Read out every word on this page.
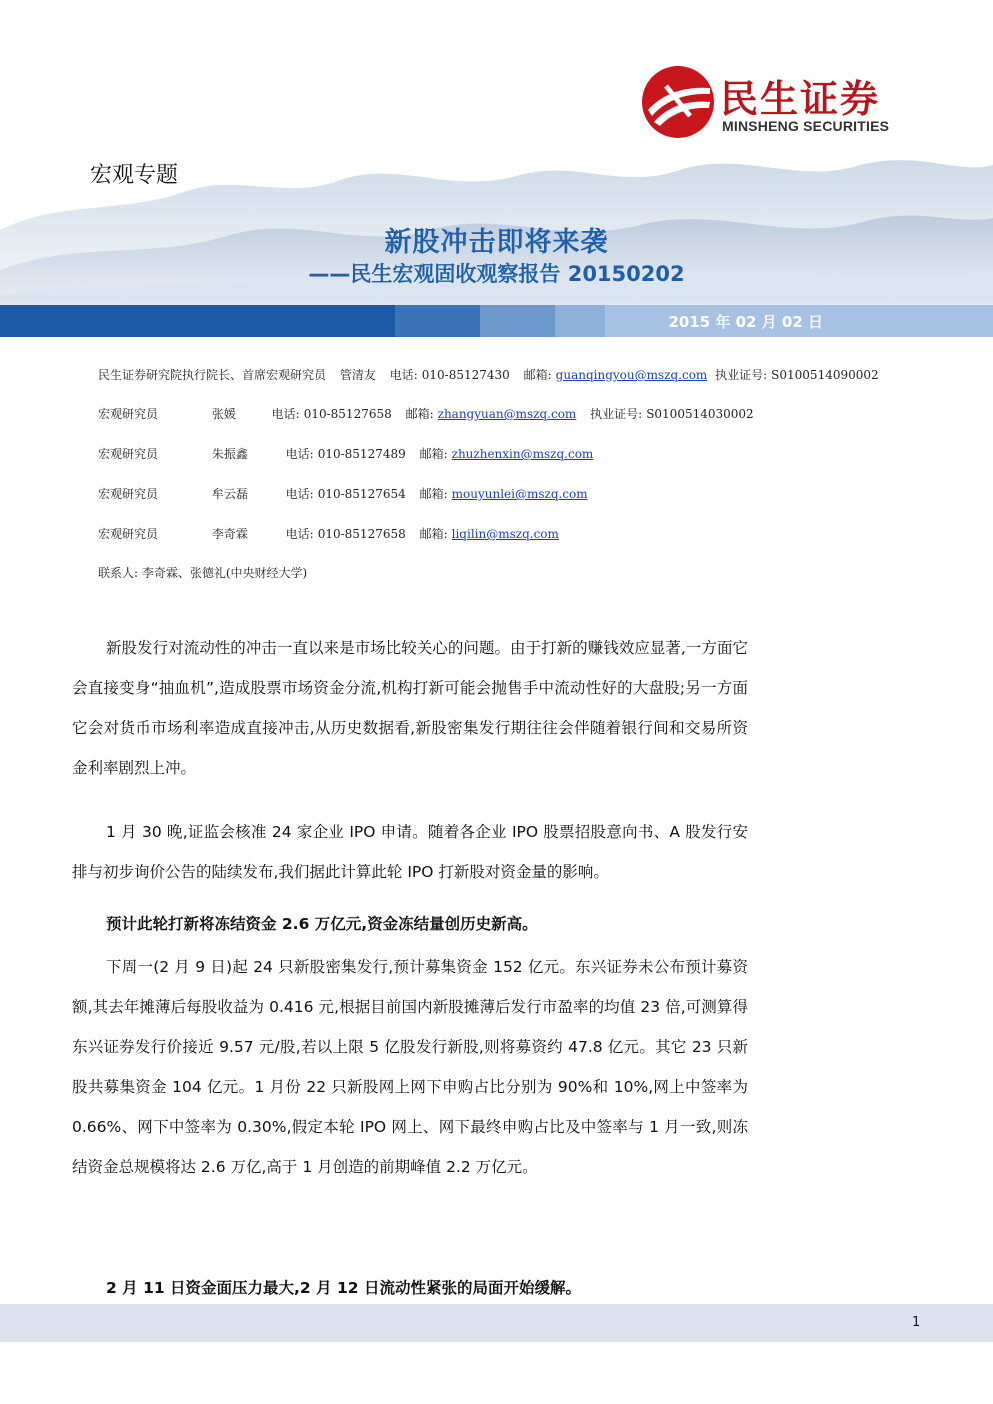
民生证券
MINSHENG SECURITIES
宏观专题
新股冲击即将来袭
——民生宏观固收观察报告 20150202
2015 年 02 月 02 日
民生证券研究院执行院长、首席宏观研究员 管清友 电话: 010-85127430 邮箱: guanqingyou@mszq.com 执业证号: S0100514090002
宏观研究员	张媛	电话: 010-85127658 邮箱: zhangyuan@mszq.com 执业证号: S0100514030002
宏观研究员	朱振鑫	电话: 010-85127489 邮箱: zhuzhenxin@mszq.com
宏观研究员	牟云磊	电话: 010-85127654 邮箱: mouyunlei@mszq.com
宏观研究员	李奇霖	电话: 010-85127658 邮箱: liqilin@mszq.com
联系人: 李奇霖、张德礼(中央财经大学)

新股发行对流动性的冲击一直以来是市场比较关心的问题。由于打新的赚钱效应显著,一方面它会直接变身“抽血机”,造成股票市场资金分流,机构打新可能会抛售手中流动性好的大盘股;另一方面它会对货币市场利率造成直接冲击,从历史数据看,新股密集发行期往往会伴随着银行间和交易所资金利率剧烈上冲。

1 月 30 晚,证监会核准 24 家企业 IPO 申请。随着各企业 IPO 股票招股意向书、A 股发行安排与初步询价公告的陆续发布,我们据此计算此轮 IPO 打新股对资金量的影响。

预计此轮打新将冻结资金 2.6 万亿元,资金冻结量创历史新高。

下周一(2 月 9 日)起 24 只新股密集发行,预计募集资金 152 亿元。东兴证券未公布预计募资额,其去年摊薄后每股收益为 0.416 元,根据目前国内新股摊薄后发行市盈率的均值 23 倍,可测算得东兴证券发行价接近 9.57 元/股,若以上限 5 亿股发行新股,则将募资约 47.8 亿元。其它 23 只新股共募集资金 104 亿元。1 月份 22 只新股网上网下申购占比分别为 90%和 10%,网上中签率为 0.66%、网下中签率为 0.30%,假定本轮 IPO 网上、网下最终申购占比及中签率与 1 月一致,则冻结资金总规模将达 2.6 万亿,高于 1 月创造的前期峰值 2.2 万亿元。

2 月 11 日资金面压力最大,2 月 12 日流动性紧张的局面开始缓解。
1
